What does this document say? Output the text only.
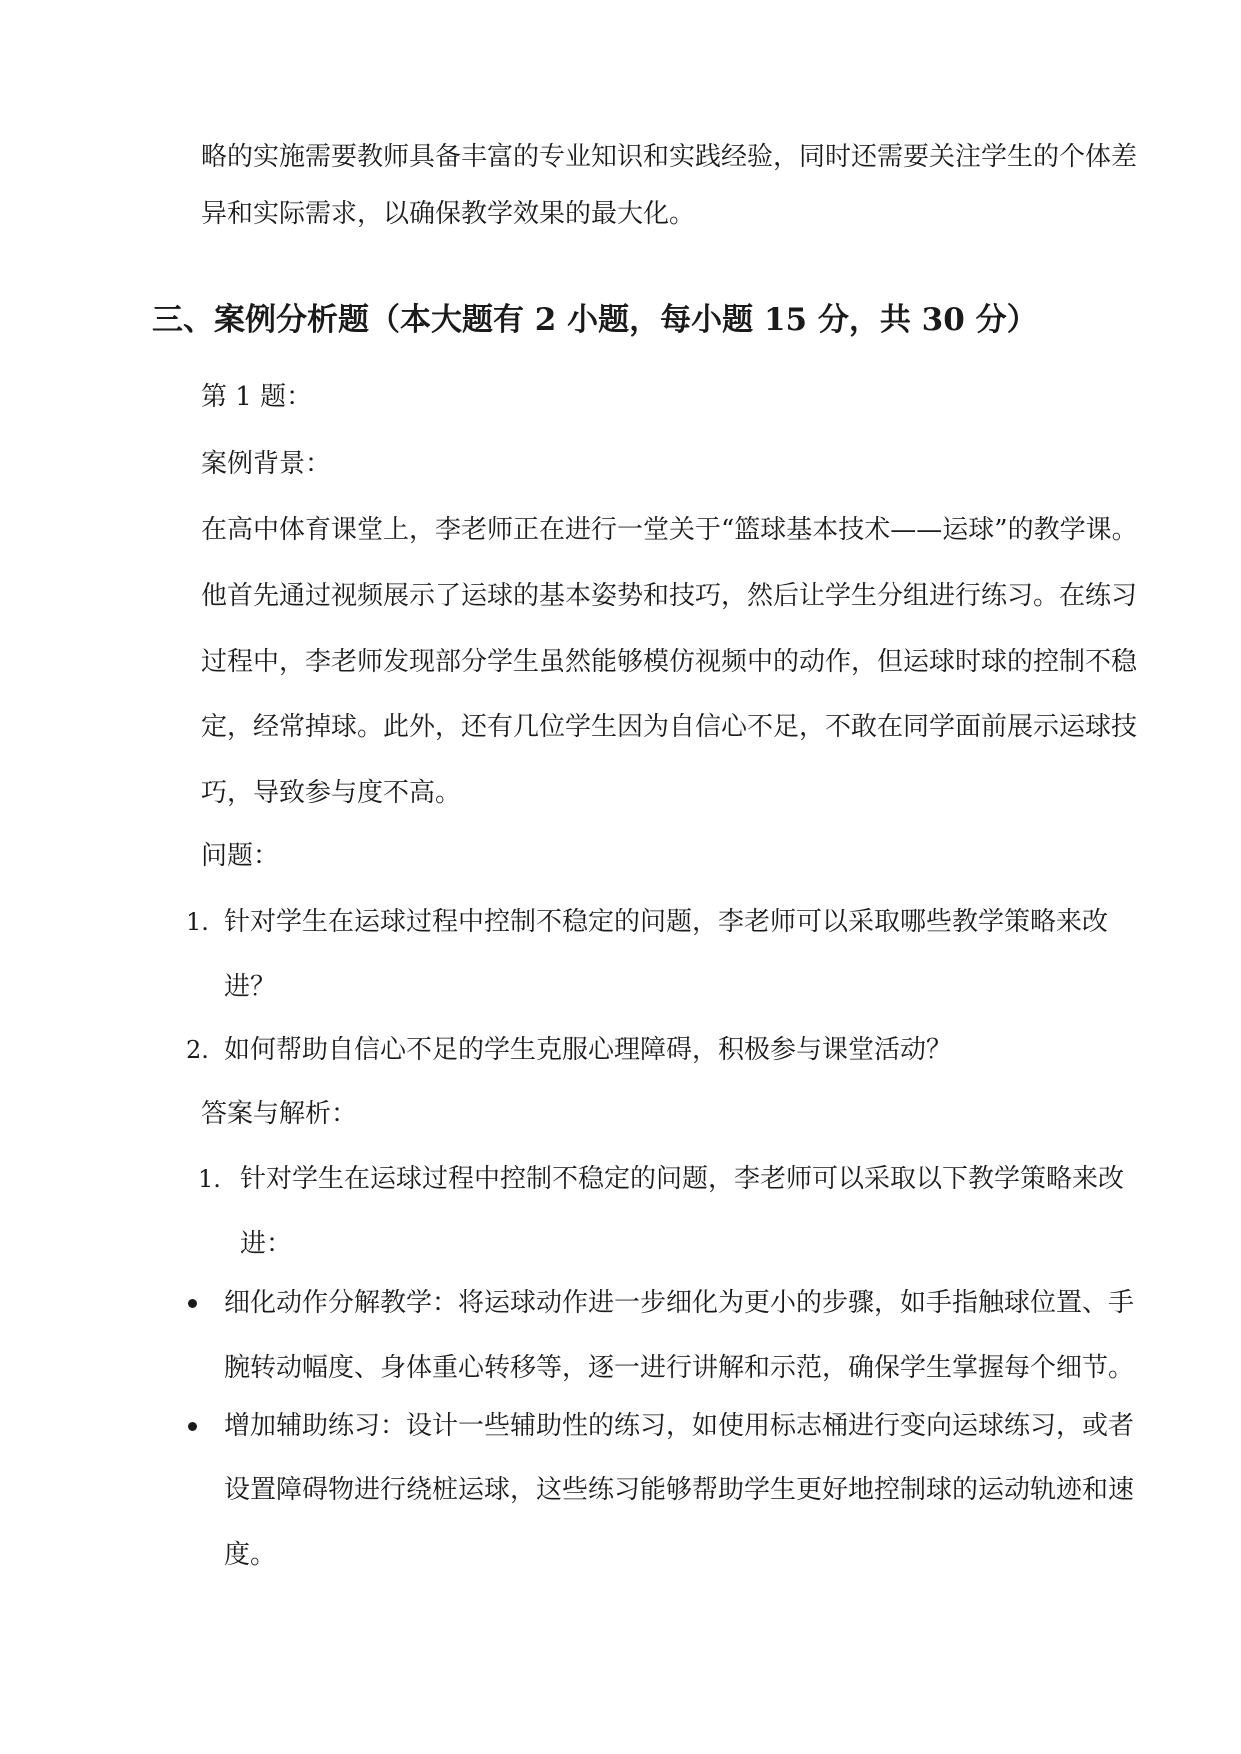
略的实施需要教师具备丰富的专业知识和实践经验，同时还需要关注学生的个体差
异和实际需求，以确保教学效果的最大化。
三、案例分析题（本大题有 2 小题，每小题 15 分，共 30 分）
第 1 题：
案例背景：
在高中体育课堂上，李老师正在进行一堂关于“篮球基本技术——运球”的教学课。
他首先通过视频展示了运球的基本姿势和技巧，然后让学生分组进行练习。在练习
过程中，李老师发现部分学生虽然能够模仿视频中的动作，但运球时球的控制不稳
定，经常掉球。此外，还有几位学生因为自信心不足，不敢在同学面前展示运球技
巧，导致参与度不高。
问题：
1. 针对学生在运球过程中控制不稳定的问题，李老师可以采取哪些教学策略来改
进？
2. 如何帮助自信心不足的学生克服心理障碍，积极参与课堂活动？
答案与解析：
1. 针对学生在运球过程中控制不稳定的问题，李老师可以采取以下教学策略来改
进：
细化动作分解教学：将运球动作进一步细化为更小的步骤，如手指触球位置、手
腕转动幅度、身体重心转移等，逐一进行讲解和示范，确保学生掌握每个细节。
增加辅助练习：设计一些辅助性的练习，如使用标志桶进行变向运球练习，或者
设置障碍物进行绕桩运球，这些练习能够帮助学生更好地控制球的运动轨迹和速
度。
